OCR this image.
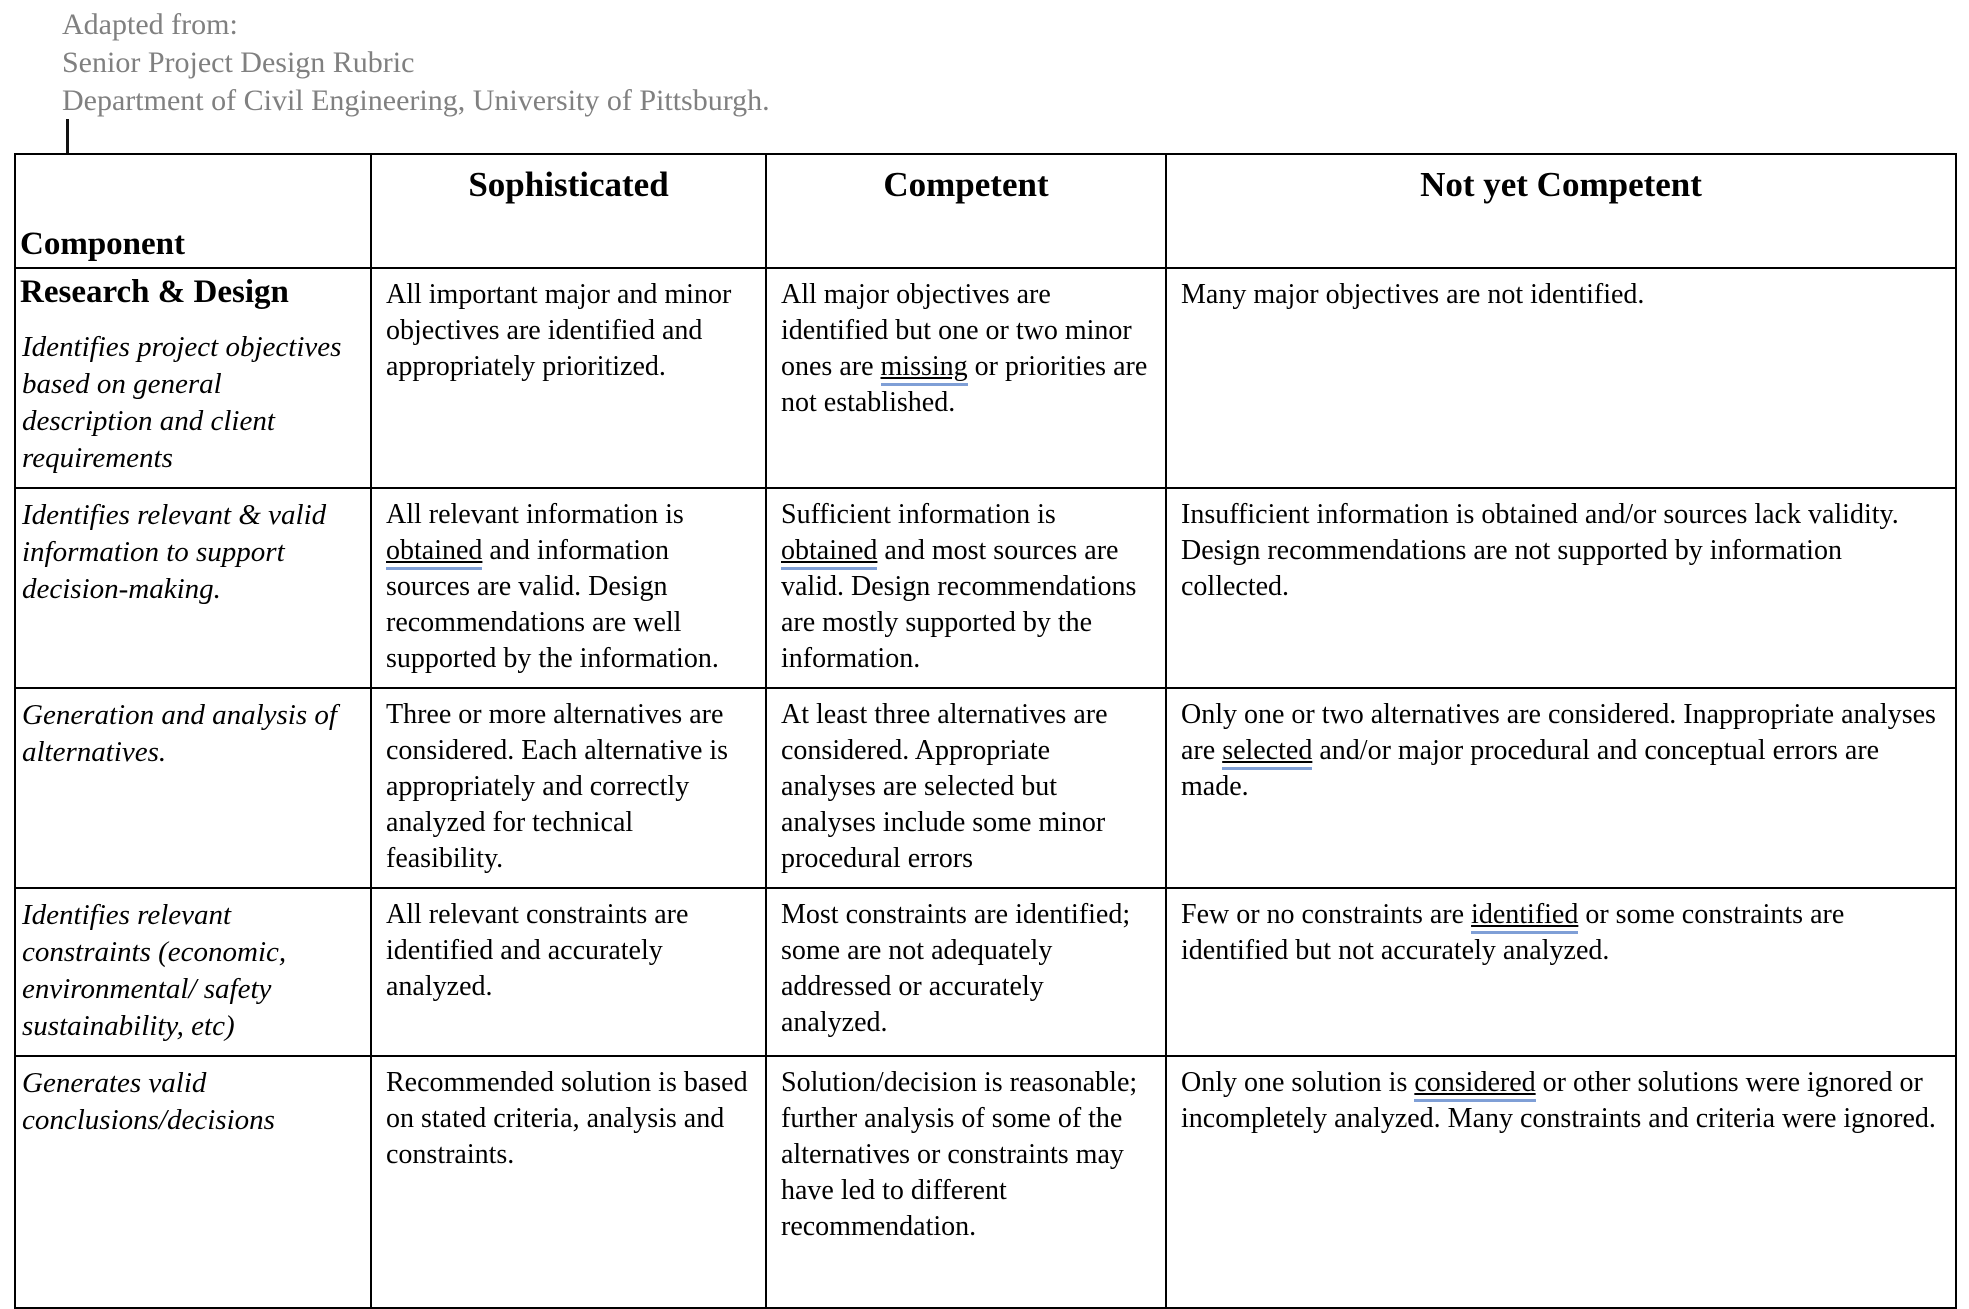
Adapted from:
Senior Project Design Rubric
Department of Civil Engineering, University of Pittsburgh.
Component	Sophisticated	Competent	Not yet Competent

Research & Design
Identifies project objectives based on general description and client requirements	All important major and minor objectives are identified and appropriately prioritized.	All major objectives are identified but one or two minor ones are missing or priorities are not established.	Many major objectives are not identified.

Identifies relevant & valid information to support decision-making.	All relevant information is obtained and information sources are valid. Design recommendations are well supported by the information.	Sufficient information is obtained and most sources are valid. Design recommendations are mostly supported by the information.	Insufficient information is obtained and/or sources lack validity. Design recommendations are not supported by information collected.

Generation and analysis of alternatives.	Three or more alternatives are considered. Each alternative is appropriately and correctly analyzed for technical feasibility.	At least three alternatives are considered. Appropriate analyses are selected but analyses include some minor procedural errors	Only one or two alternatives are considered. Inappropriate analyses are selected and/or major procedural and conceptual errors are made.

Identifies relevant constraints (economic, environmental/ safety sustainability, etc)	All relevant constraints are identified and accurately analyzed.	Most constraints are identified; some are not adequately addressed or accurately analyzed.	Few or no constraints are identified or some constraints are identified but not accurately analyzed.

Generates valid conclusions/decisions	Recommended solution is based on stated criteria, analysis and constraints.	Solution/decision is reasonable; further analysis of some of the alternatives or constraints may have led to different recommendation.	Only one solution is considered or other solutions were ignored or incompletely analyzed. Many constraints and criteria were ignored.
